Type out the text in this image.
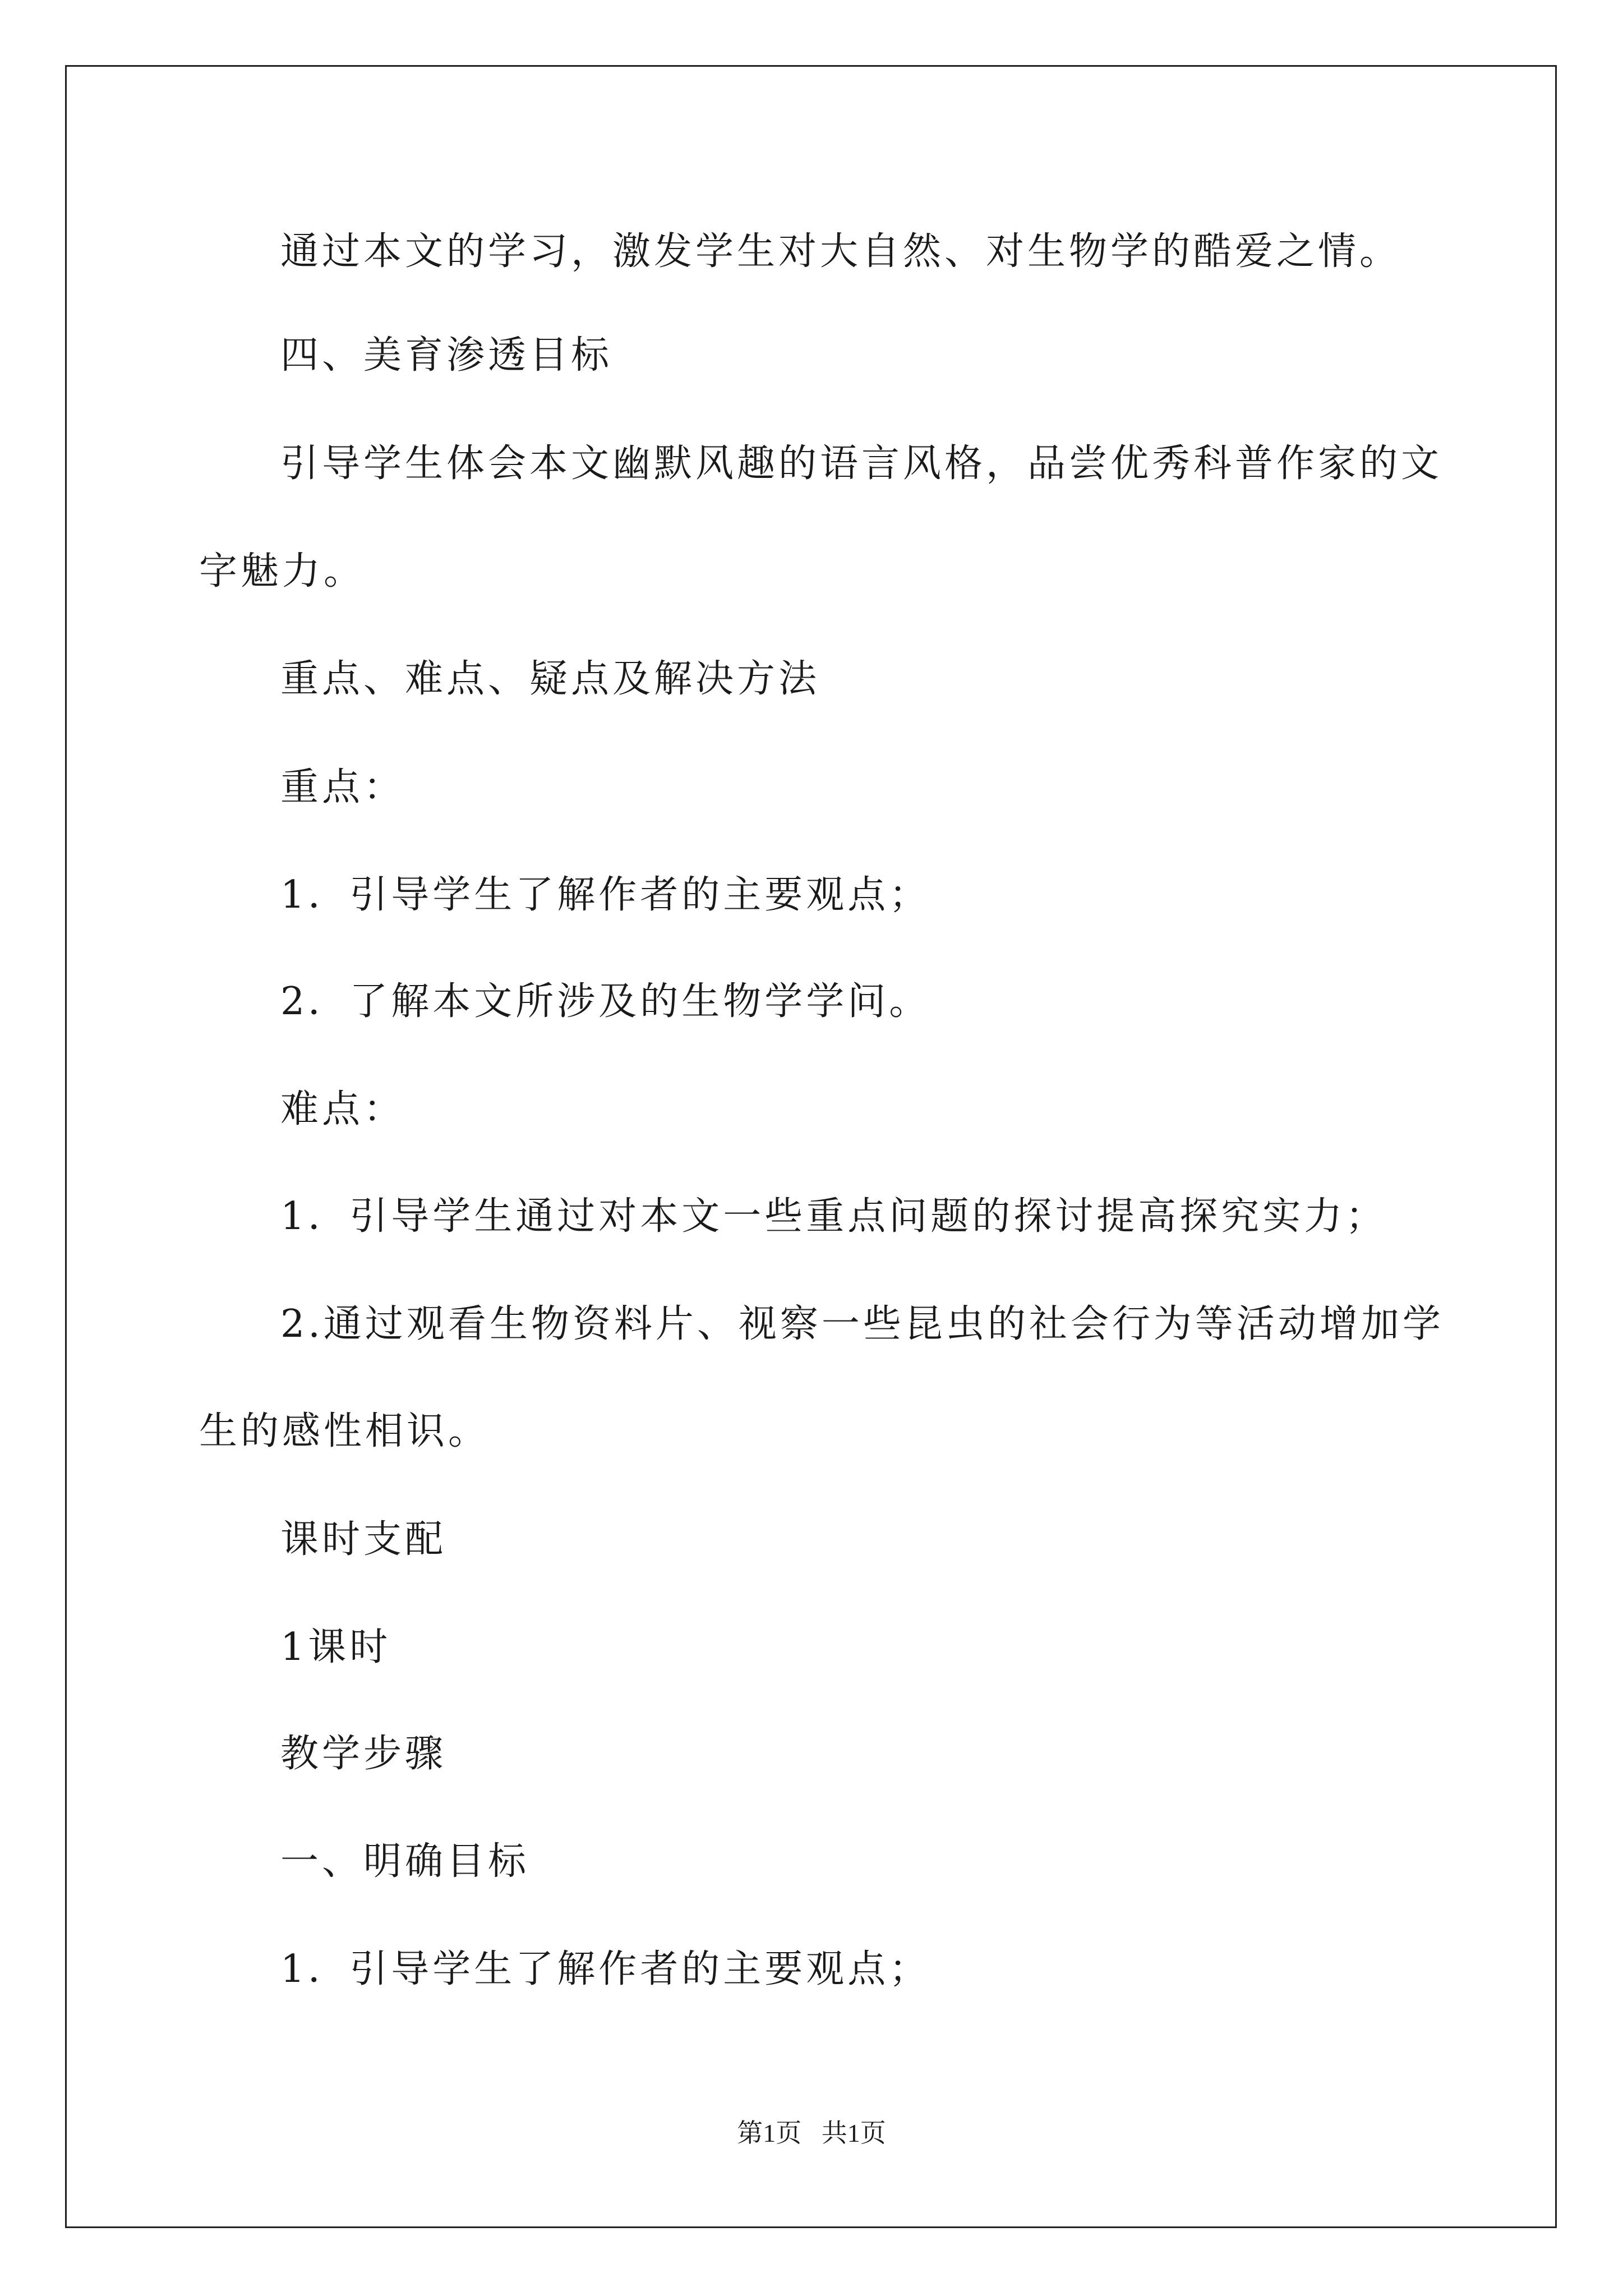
通过本文的学习，激发学生对大自然、对生物学的酷爱之情。
四、美育渗透目标
引导学生体会本文幽默风趣的语言风格，品尝优秀科普作家的文
字魅力。
重点、难点、疑点及解决方法
重点：
1．引导学生了解作者的主要观点；
2．了解本文所涉及的生物学学问。
难点：
1．引导学生通过对本文一些重点问题的探讨提高探究实力；
2.通过观看生物资料片、视察一些昆虫的社会行为等活动增加学
生的感性相识。
课时支配
1课时
教学步骤
一、明确目标
1．引导学生了解作者的主要观点；
第1页 共1页
